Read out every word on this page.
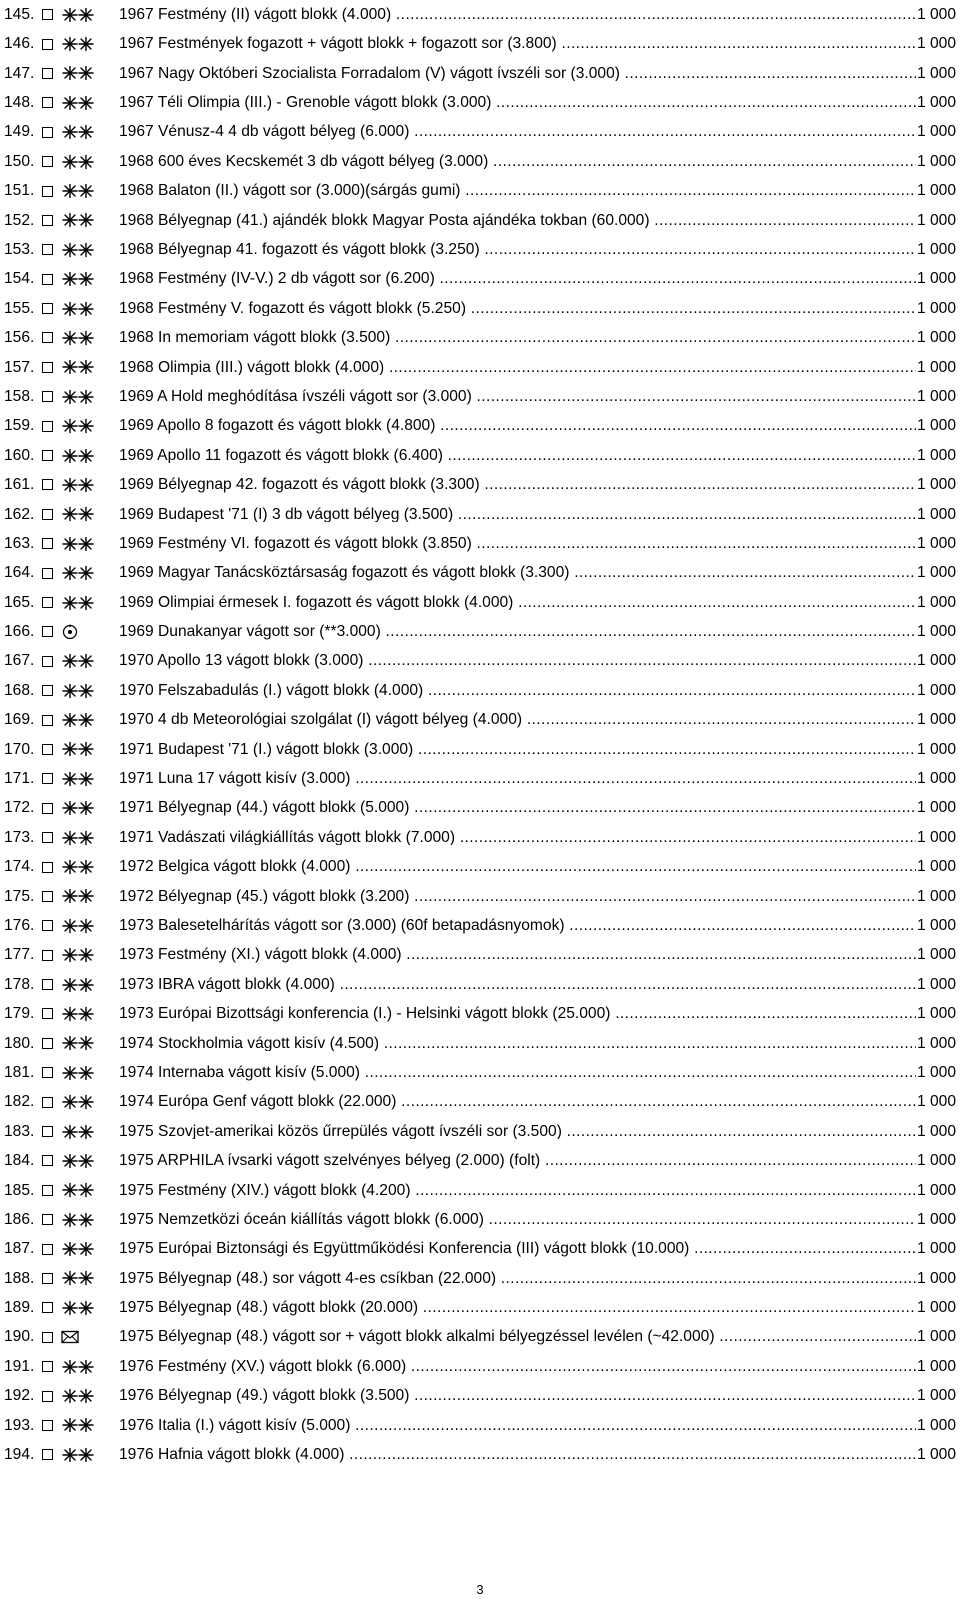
145.	1967 Festmény (II) vágott blokk (4.000) .....	1 000
146.	1967 Festmények fogazott + vágott blokk + fogazott sor (3.800) .....	1 000
147.	1967 Nagy Októberi Szocialista Forradalom (V) vágott ívszéli sor (3.000) .....	1 000
148.	1967 Téli Olimpia (III.) - Grenoble vágott blokk (3.000) .....	1 000
149.	1967 Vénusz-4 4 db vágott bélyeg (6.000) .....	1 000
150.	1968 600 éves Kecskemét 3 db vágott bélyeg (3.000) .....	1 000
151.	1968 Balaton (II.) vágott sor (3.000)(sárgás gumi) .....	1 000
152.	1968 Bélyegnap (41.) ajándék blokk Magyar Posta ajándéka tokban (60.000) .....	1 000
153.	1968 Bélyegnap 41. fogazott és vágott blokk (3.250) .....	1 000
154.	1968 Festmény (IV-V.) 2 db vágott sor (6.200) .....	1 000
155.	1968 Festmény V. fogazott és vágott blokk (5.250) .....	1 000
156.	1968 In memoriam vágott blokk (3.500) .....	1 000
157.	1968 Olimpia (III.) vágott blokk (4.000) .....	1 000
158.	1969 A Hold meghódítása ívszéli vágott sor (3.000) .....	1 000
159.	1969 Apollo 8 fogazott és vágott blokk (4.800) .....	1 000
160.	1969 Apollo 11 fogazott és vágott blokk (6.400) .....	1 000
161.	1969 Bélyegnap 42. fogazott és vágott blokk (3.300) .....	1 000
162.	1969 Budapest '71 (I) 3 db vágott bélyeg (3.500) .....	1 000
163.	1969 Festmény VI. fogazott és vágott blokk (3.850) .....	1 000
164.	1969 Magyar Tanácsköztársaság fogazott és vágott blokk (3.300) .....	1 000
165.	1969 Olimpiai érmesek I. fogazott és vágott blokk (4.000) .....	1 000
166.	1969 Dunakanyar vágott sor (**3.000) .....	1 000
167.	1970 Apollo 13 vágott blokk (3.000) .....	1 000
168.	1970 Felszabadulás (I.) vágott blokk (4.000) .....	1 000
169.	1970 4 db Meteorológiai szolgálat (I) vágott bélyeg (4.000) .....	1 000
170.	1971 Budapest '71 (I.) vágott blokk (3.000) .....	1 000
171.	1971 Luna 17 vágott kisív (3.000) .....	1 000
172.	1971 Bélyegnap (44.) vágott blokk (5.000) .....	1 000
173.	1971 Vadászati világkiállítás vágott blokk (7.000) .....	1 000
174.	1972 Belgica vágott blokk (4.000) .....	1 000
175.	1972 Bélyegnap (45.) vágott blokk (3.200) .....	1 000
176.	1973 Balesetelhárítás vágott sor (3.000) (60f betapadásnyomok) .....	1 000
177.	1973 Festmény (XI.) vágott blokk (4.000) .....	1 000
178.	1973 IBRA vágott blokk (4.000) .....	1 000
179.	1973 Európai Bizottsági konferencia (I.) - Helsinki vágott blokk (25.000) .....	1 000
180.	1974 Stockholmia vágott kisív (4.500) .....	1 000
181.	1974 Internaba vágott kisív (5.000) .....	1 000
182.	1974 Európa Genf vágott blokk (22.000) .....	1 000
183.	1975 Szovjet-amerikai közös űrrepülés vágott ívszéli sor (3.500) .....	1 000
184.	1975 ARPHILA ívsarki vágott szelvényes bélyeg (2.000) (folt) .....	1 000
185.	1975 Festmény (XIV.) vágott blokk (4.200) .....	1 000
186.	1975 Nemzetközi óceán kiállítás vágott blokk (6.000) .....	1 000
187.	1975 Európai Biztonsági és Együttműködési Konferencia (III) vágott blokk (10.000) .....	1 000
188.	1975 Bélyegnap (48.) sor vágott 4-es csíkban (22.000) .....	1 000
189.	1975 Bélyegnap (48.) vágott blokk (20.000) .....	1 000
190.	1975 Bélyegnap (48.) vágott sor + vágott blokk alkalmi bélyegzéssel levélen (~42.000) .....	1 000
191.	1976 Festmény (XV.) vágott blokk (6.000) .....	1 000
192.	1976 Bélyegnap (49.) vágott blokk (3.500) .....	1 000
193.	1976 Italia (I.) vágott kisív (5.000) .....	1 000
194.	1976 Hafnia vágott blokk (4.000) .....	1 000
3
